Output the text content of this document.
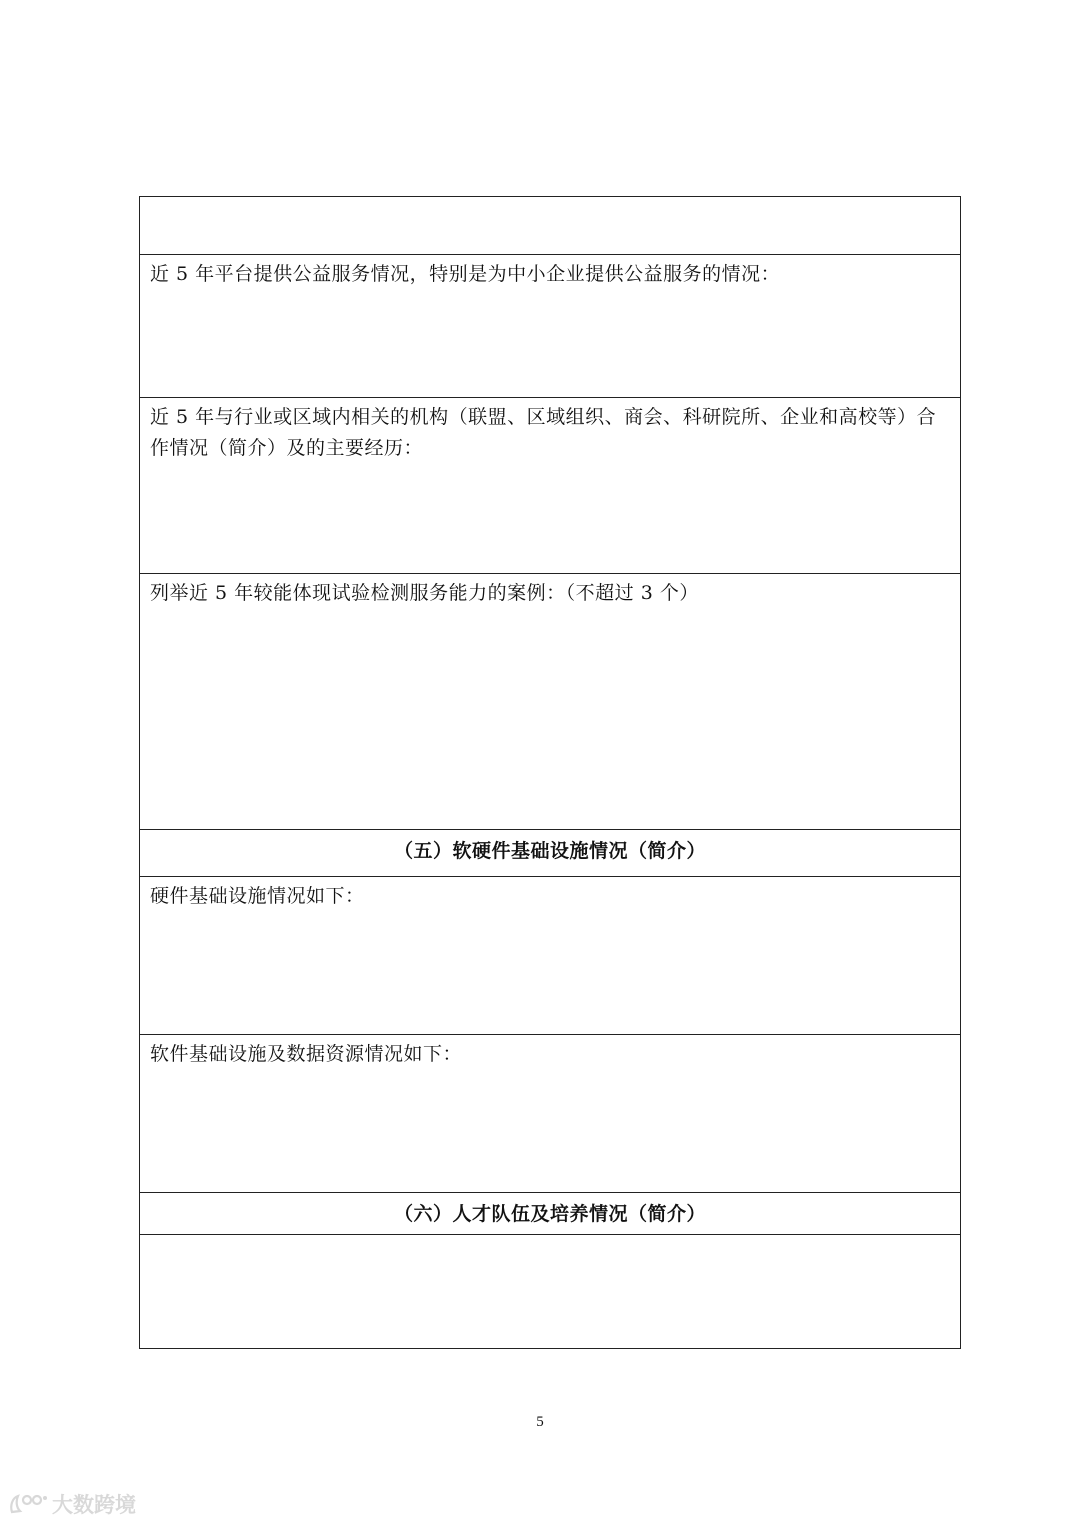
近 5 年平台提供公益服务情况，特别是为中小企业提供公益服务的情况：
近 5 年与行业或区域内相关的机构（联盟、区域组织、商会、科研院所、企业和高校等）合作情况（简介）及的主要经历：
列举近 5 年较能体现试验检测服务能力的案例：（不超过 3 个）
（五）软硬件基础设施情况（简介）
硬件基础设施情况如下：
软件基础设施及数据资源情况如下：
（六）人才队伍及培养情况（简介）
5
大数跨境
